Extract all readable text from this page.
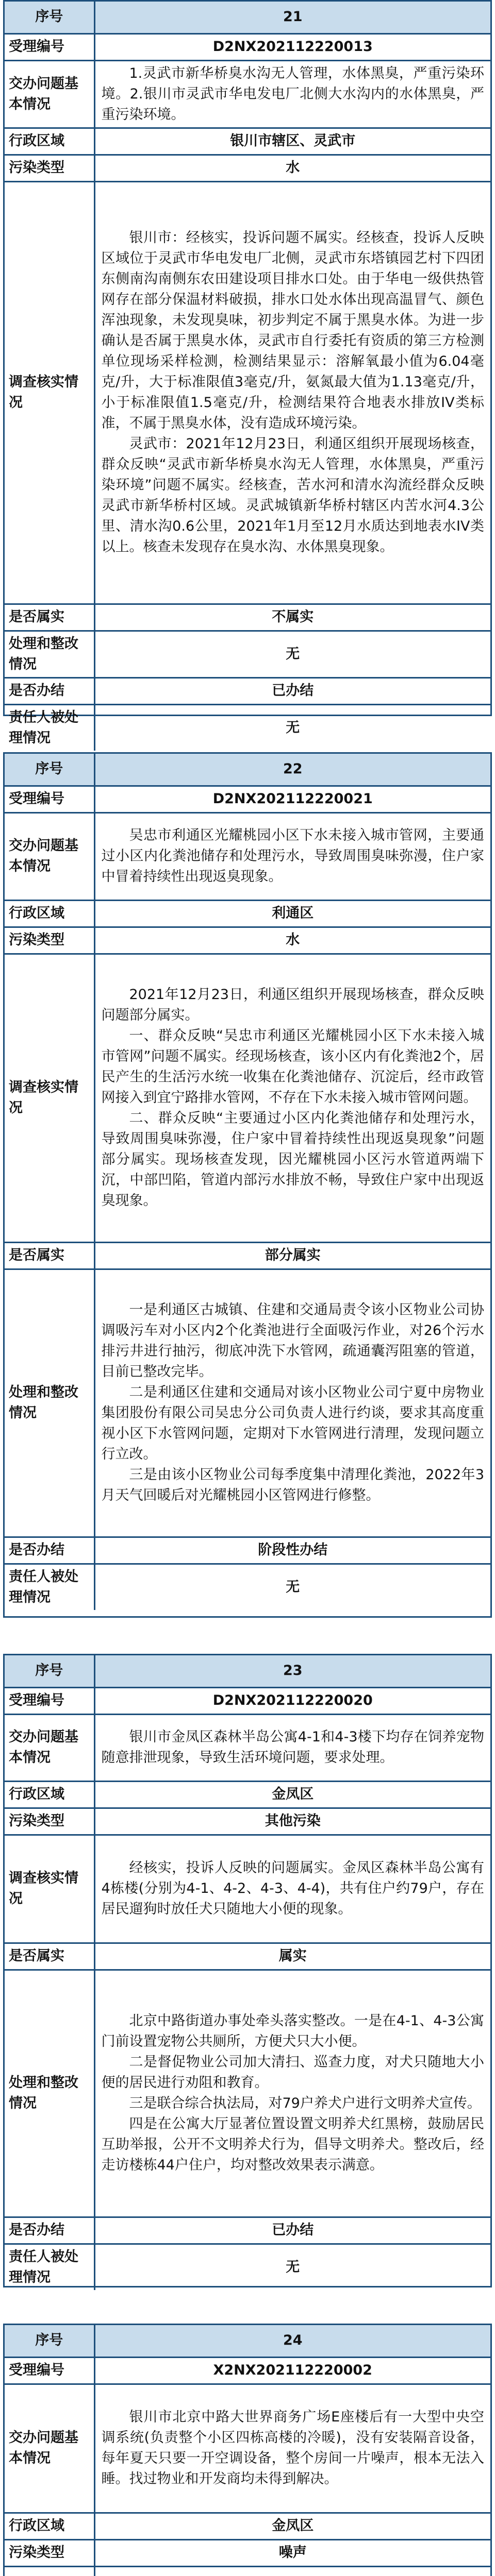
序号	21
受理编号	D2NX202112220013
交办问题基本情况	1.灵武市新华桥臭水沟无人管理，水体黑臭，严重污染环境。2.银川市灵武市华电发电厂北侧大水沟内的水体黑臭，严重污染环境。

行政区域	银川市辖区、灵武市
污染类型	水
调查核实情况	银川市：经核实，投诉问题不属实。经核查，投诉人反映区域位于灵武市华电发电厂北侧，灵武市东塔镇园艺村下四团东侧南沟南侧东农田建设项目排水口处。由于华电一级供热管网存在部分保温材料破损，排水口处水体出现高温冒气、颜色浑浊现象，未发现臭味，初步判定不属于黑臭水体。为进一步确认是否属于黑臭水体，灵武市自行委托有资质的第三方检测单位现场采样检测，检测结果显示：溶解氧最小值为6.04毫克/升，大于标准限值3毫克/升，氨氮最大值为1.13毫克/升，小于标准限值1.5毫克/升，检测结果符合地表水排放IV类标准，不属于黑臭水体，没有造成环境污染。

灵武市：2021年12月23日，利通区组织开展现场核查，群众反映“灵武市新华桥臭水沟无人管理，水体黑臭，严重污染环境”问题不属实。经核查，苦水河和清水沟流经群众反映灵武市新华桥村区域。灵武城镇新华桥村辖区内苦水河4.3公里、清水沟0.6公里，2021年1月至12月水质达到地表水IV类以上。核查未发现存在臭水沟、水体黑臭现象。

是否属实	不属实
处理和整改情况	无
是否办结	已办结
责任人被处理情况	无
序号	22
受理编号	D2NX202112220021
交办问题基本情况	吴忠市利通区光耀桃园小区下水未接入城市管网，主要通过小区内化粪池储存和处理污水，导致周围臭味弥漫，住户家中冒着持续性出现返臭现象。

行政区域	利通区
污染类型	水
调查核实情况	2021年12月23日，利通区组织开展现场核查，群众反映问题部分属实。

一、群众反映“吴忠市利通区光耀桃园小区下水未接入城市管网”问题不属实。经现场核查，该小区内有化粪池2个，居民产生的生活污水统一收集在化粪池储存、沉淀后，经市政管网接入到宜宁路排水管网，不存在下水未接入城市管网问题。

二、群众反映“主要通过小区内化粪池储存和处理污水，导致周围臭味弥漫，住户家中冒着持续性出现返臭现象”问题部分属实。现场核查发现，因光耀桃园小区污水管道两端下沉，中部凹陷，管道内部污水排放不畅，导致住户家中出现返臭现象。

是否属实	部分属实
处理和整改情况	一是利通区古城镇、住建和交通局责令该小区物业公司协调吸污车对小区内2个化粪池进行全面吸污作业，对26个污水排污井进行抽污，彻底冲洗下水管网，疏通囊泻阻塞的管道，目前已整改完毕。

二是利通区住建和交通局对该小区物业公司宁夏中房物业集团股份有限公司吴忠分公司负责人进行约谈，要求其高度重视小区下水管网问题，定期对下水管网进行清理，发现问题立行立改。

三是由该小区物业公司每季度集中清理化粪池，2022年3月天气回暖后对光耀桃园小区管网进行修整。

是否办结	阶段性办结
责任人被处理情况	无
序号	23
受理编号	D2NX202112220020
交办问题基本情况	银川市金凤区森林半岛公寓4-1和4-3楼下均存在饲养宠物随意排泄现象，导致生活环境问题，要求处理。

行政区域	金凤区
污染类型	其他污染
调查核实情况	经核实，投诉人反映的问题属实。金凤区森林半岛公寓有4栋楼(分别为4-1、4-2、4-3、4-4)，共有住户约79户，存在居民遛狗时放任犬只随地大小便的现象。

是否属实	属实
处理和整改情况	北京中路街道办事处牵头落实整改。一是在4-1、4-3公寓门前设置宠物公共厕所，方便犬只大小便。

二是督促物业公司加大清扫、巡查力度，对犬只随地大小便的居民进行劝阻和教育。

三是联合综合执法局，对79户养犬户进行文明养犬宣传。

四是在公寓大厅显著位置设置文明养犬红黑榜，鼓励居民互助举报，公开不文明养犬行为，倡导文明养犬。整改后，经走访楼栋44户住户，均对整改效果表示满意。

是否办结	已办结
责任人被处理情况	无
序号	24
受理编号	X2NX202112220002
交办问题基本情况	银川市北京中路大世界商务广场E座楼后有一大型中央空调系统(负责整个小区四栋高楼的冷暖)，没有安装隔音设备，每年夏天只要一开空调设备，整个房间一片噪声，根本无法入睡。找过物业和开发商均未得到解决。

行政区域	金凤区
污染类型	噪声
